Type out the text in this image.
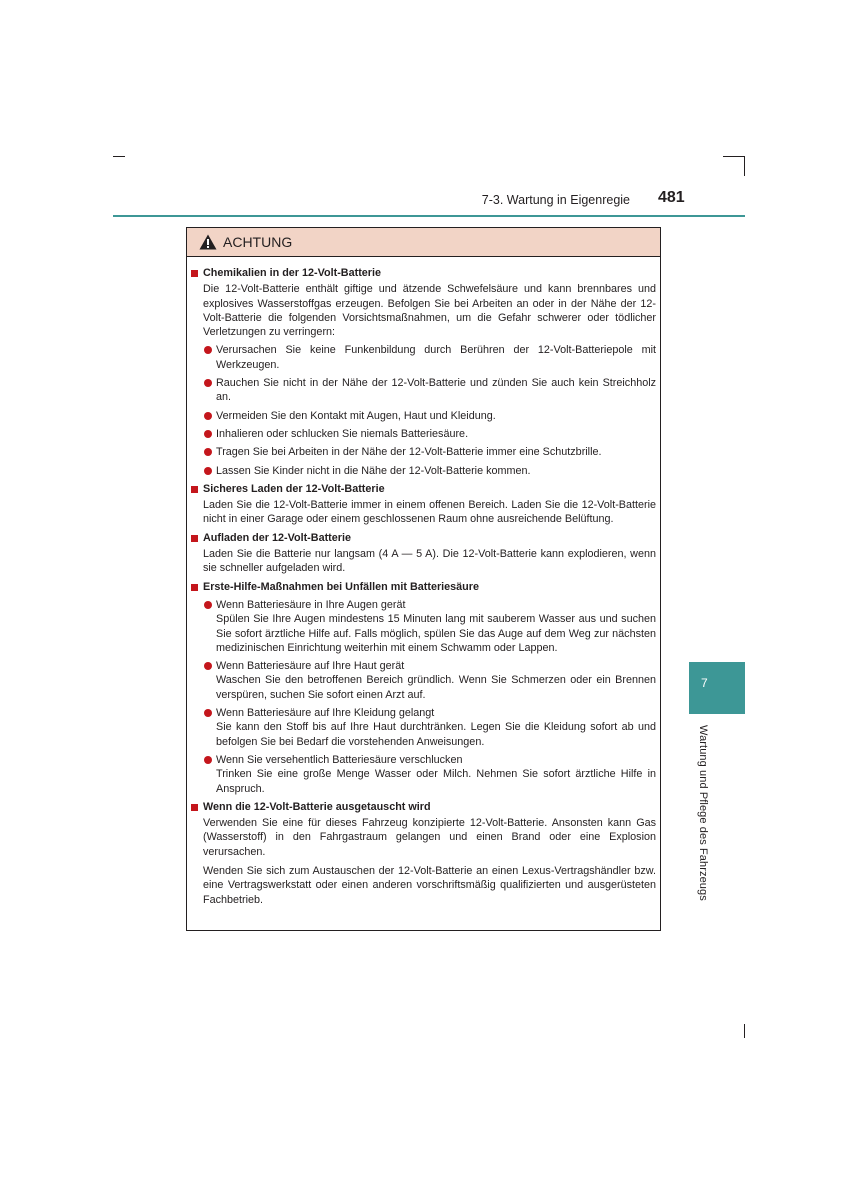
7-3. Wartung in Eigenregie 481
7
Wartung und Pflege des Fahrzeugs
ACHTUNG
Chemikalien in der 12-Volt-Batterie
Die 12-Volt-Batterie enthält giftige und ätzende Schwefelsäure und kann brennbares und explosives Wasserstoffgas erzeugen. Befolgen Sie bei Arbeiten an oder in der Nähe der 12-Volt-Batterie die folgenden Vorsichtsmaßnahmen, um die Gefahr schwerer oder tödlicher Verletzungen zu verringern:
Verursachen Sie keine Funkenbildung durch Berühren der 12-Volt-Batteriepole mit Werkzeugen.
Rauchen Sie nicht in der Nähe der 12-Volt-Batterie und zünden Sie auch kein Streichholz an.
Vermeiden Sie den Kontakt mit Augen, Haut und Kleidung.
Inhalieren oder schlucken Sie niemals Batteriesäure.
Tragen Sie bei Arbeiten in der Nähe der 12-Volt-Batterie immer eine Schutzbrille.
Lassen Sie Kinder nicht in die Nähe der 12-Volt-Batterie kommen.
Sicheres Laden der 12-Volt-Batterie
Laden Sie die 12-Volt-Batterie immer in einem offenen Bereich. Laden Sie die 12-Volt-Batterie nicht in einer Garage oder einem geschlossenen Raum ohne ausreichende Belüftung.
Aufladen der 12-Volt-Batterie
Laden Sie die Batterie nur langsam (4 A — 5 A). Die 12-Volt-Batterie kann explodieren, wenn sie schneller aufgeladen wird.
Erste-Hilfe-Maßnahmen bei Unfällen mit Batteriesäure
Wenn Batteriesäure in Ihre Augen gerät
Spülen Sie Ihre Augen mindestens 15 Minuten lang mit sauberem Wasser aus und suchen Sie sofort ärztliche Hilfe auf. Falls möglich, spülen Sie das Auge auf dem Weg zur nächsten medizinischen Einrichtung weiterhin mit einem Schwamm oder Lappen.
Wenn Batteriesäure auf Ihre Haut gerät
Waschen Sie den betroffenen Bereich gründlich. Wenn Sie Schmerzen oder ein Brennen verspüren, suchen Sie sofort einen Arzt auf.
Wenn Batteriesäure auf Ihre Kleidung gelangt
Sie kann den Stoff bis auf Ihre Haut durchtränken. Legen Sie die Kleidung sofort ab und befolgen Sie bei Bedarf die vorstehenden Anweisungen.
Wenn Sie versehentlich Batteriesäure verschlucken
Trinken Sie eine große Menge Wasser oder Milch. Nehmen Sie sofort ärztliche Hilfe in Anspruch.
Wenn die 12-Volt-Batterie ausgetauscht wird
Verwenden Sie eine für dieses Fahrzeug konzipierte 12-Volt-Batterie. Ansonsten kann Gas (Wasserstoff) in den Fahrgastraum gelangen und einen Brand oder eine Explosion verursachen.
Wenden Sie sich zum Austauschen der 12-Volt-Batterie an einen Lexus-Vertragshändler bzw. eine Vertragswerkstatt oder einen anderen vorschriftsmäßig qualifizierten und ausgerüsteten Fachbetrieb.
